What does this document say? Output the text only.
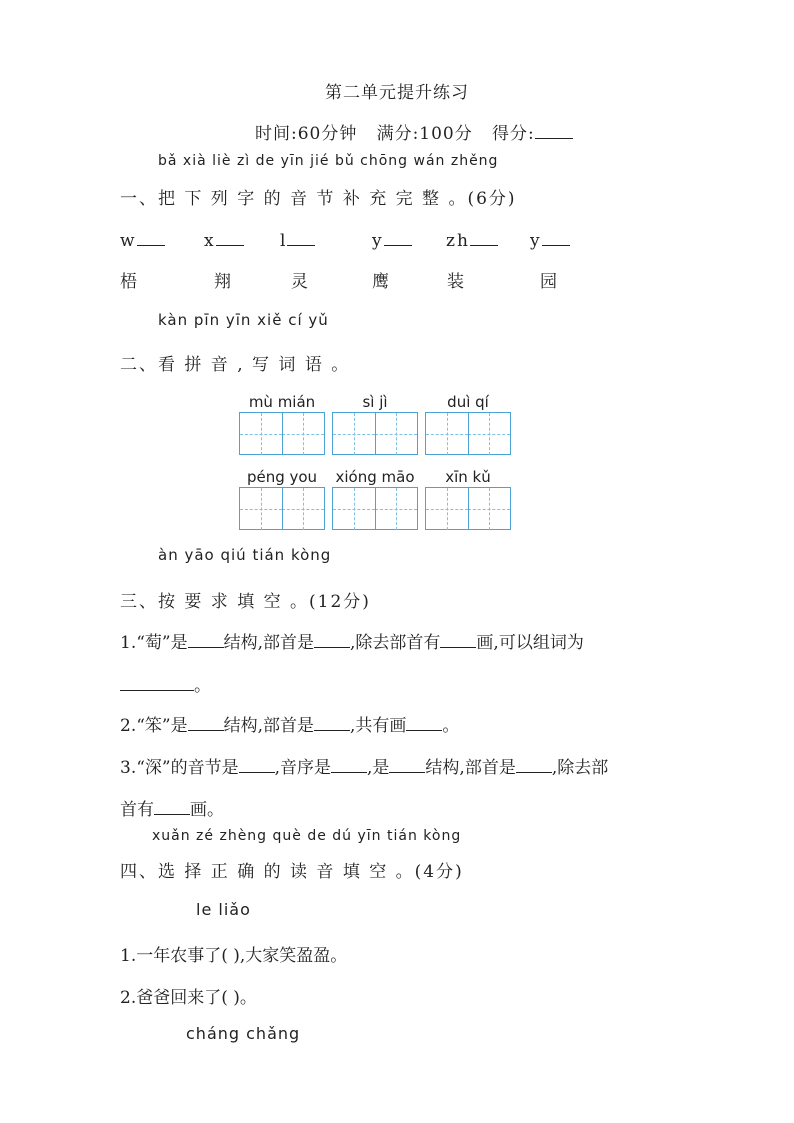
第二单元提升练习
时间:60分钟 满分:100分 得分:
bǎ xià liè zì de yīn jié bǔ chōng wán zhěng
一、把 下 列 字 的 音 节 补 充 完 整 。(6分)
w	x	l	y	zh	y
梧	翔	灵	鹰	装	园
kàn pīn yīn xiě cí yǔ
二、看 拼 音 , 写 词 语 。
mù mián	sì jì	duì qí
péng you	xióng māo	xīn kǔ
àn yāo qiú tián kòng
三、按 要 求 填 空 。(12分)
1.“萄”是 结构,部首是 ,除去部首有 画,可以组词为
。
2.“笨”是 结构,部首是 ,共有画 。
3.“深”的音节是 ,音序是 ,是 结构,部首是 ,除去部
首有 画。
xuǎn zé zhèng què de dú yīn tián kòng
四、选 择 正 确 的 读 音 填 空 。(4分)
le liǎo
1.一年农事了( ),大家笑盈盈。
2.爸爸回来了( )。
cháng chǎng
